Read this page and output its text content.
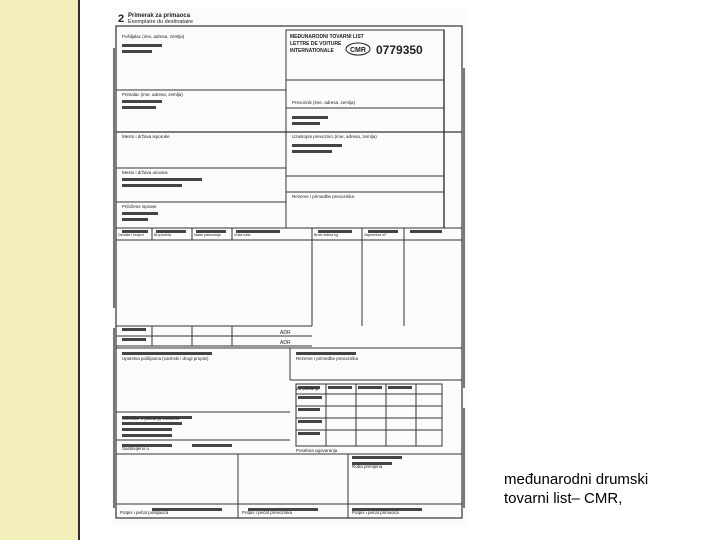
2 Primerak za primaoca
Exemplaire du destinataire
MEĐUNARODNI TOVARNI LIST
LETTRE DE VOITURE
INTERNATIONALE CMR 0779350
Pošiljalac (ime, adresa, zemlja)
Primalac (ime, adresa, zemlja)
Mesto i država isporuke
Mesto i država utovara
Priložene isprave
Prevoznik (ime, adresa, zemlja)
Uzastopni prevoznici (ime, adresa, zemlja)
Rezerve i primedbe prevoznika
Oznake i brojevi	Broj koleta	Način pakovanja	Vrsta robe	Bruto težina kg	Zapremina m³
ADR
ADR
Uputstva pošiljaoca (carinski i drugi propisi)	Rezerve i primedbe prevoznika
Odredbe o plaćanju vozarine
Sastavljeno u
Za plaćanje
Posebna ugovaranja
Roba primljena
Potpis i pečat pošiljaoca	Potpis i pečat prevoznika	Potpis i pečat primaoca
međunarodni drumski
tovarni list– CMR,
